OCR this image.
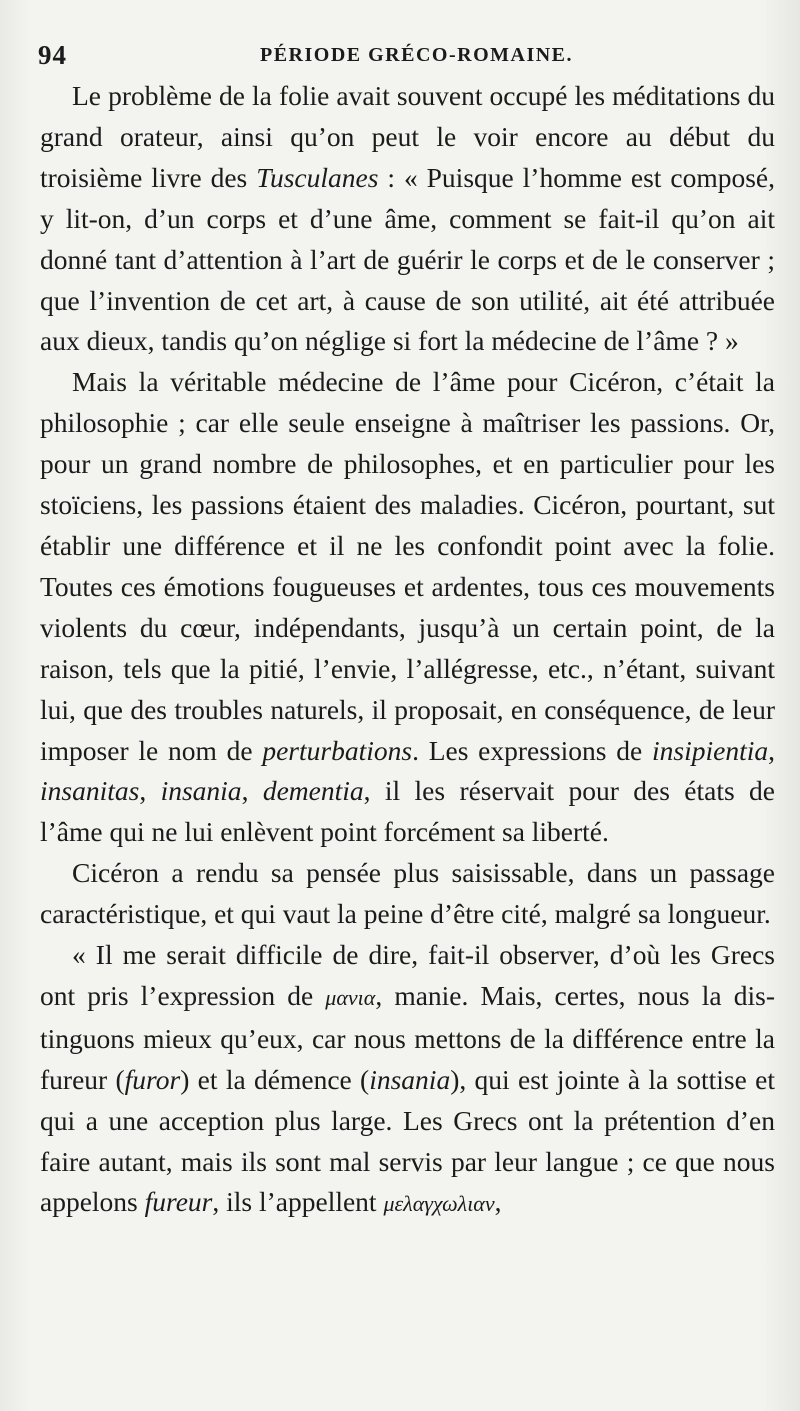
94	PÉRIODE GRÉCO-ROMAINE.

Le problème de la folie avait souvent occupé les méditations du grand orateur, ainsi qu’on peut le voir encore au début du troisième livre des Tusculanes : « Puisque l’homme est composé, y lit-on, d’un corps et d’une âme, comment se fait-il qu’on ait donné tant d’attention à l’art de guérir le corps et de le conserver ; que l’invention de cet art, à cause de son utilité, ait été attribuée aux dieux, tandis qu’on néglige si fort la médecine de l’âme ? »

Mais la véritable médecine de l’âme pour Cicéron, c’était la philosophie ; car elle seule enseigne à maîtriser les passions. Or, pour un grand nombre de philosophes, et en particulier pour les stoïciens, les passions étaient des maladies. Cicéron, pourtant, sut établir une différence et il ne les confondit point avec la folie. Toutes ces émotions fougueuses et ardentes, tous ces mouvements violents du cœur, indépendants, jusqu’à un certain point, de la raison, tels que la pitié, l’envie, l’allégresse, etc., n’étant, suivant lui, que des troubles naturels, il proposait, en conséquence, de leur imposer le nom de perturbations. Les expressions de insipientia, insanitas, insania, dementia, il les réservait pour des états de l’âme qui ne lui enlèvent point forcément sa liberté.

Cicéron a rendu sa pensée plus saisissable, dans un passage caractéristique, et qui vaut la peine d’être cité, malgré sa longueur.

« Il me serait difficile de dire, fait-il observer, d’où les Grecs ont pris l’expression de μανια, manie. Mais, certes, nous la distinguons mieux qu’eux, car nous mettons de la différence entre la fureur (furor) et la démence (insania), qui est jointe à la sottise et qui a une acception plus large. Les Grecs ont la prétention d’en faire autant, mais ils sont mal servis par leur langue ; ce que nous appelons fureur, ils l’appellent μελαγχωλιαν,
